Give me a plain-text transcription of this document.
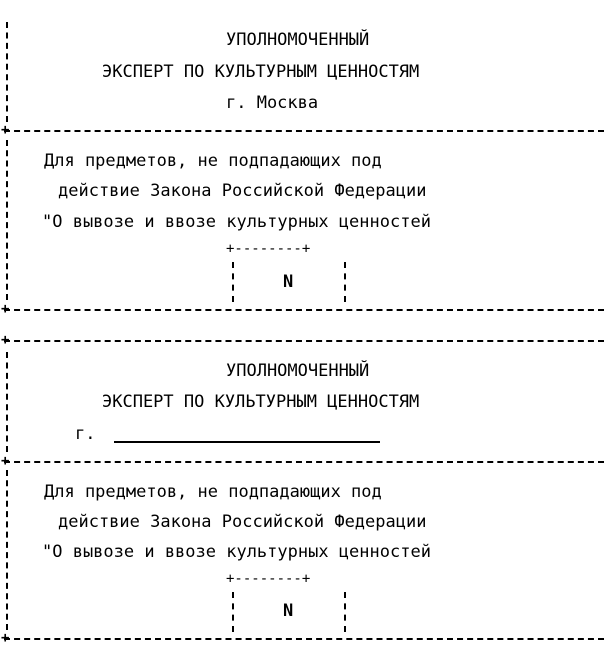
+
+
УПОЛНОМОЧЕННЫЙ
ЭКСПЕРТ ПО КУЛЬТУРНЫМ ЦЕННОСТЯМ
г. Москва
Для предметов, не подпадающих под
действие Закона Российской Федерации
"О вывозе и ввозе культурных ценностей
+--------+
N
+
+
+
УПОЛНОМОЧЕННЫЙ
ЭКСПЕРТ ПО КУЛЬТУРНЫМ ЦЕННОСТЯМ
г.
Для предметов, не подпадающих под
действие Закона Российской Федерации
"О вывозе и ввозе культурных ценностей
+--------+
N
